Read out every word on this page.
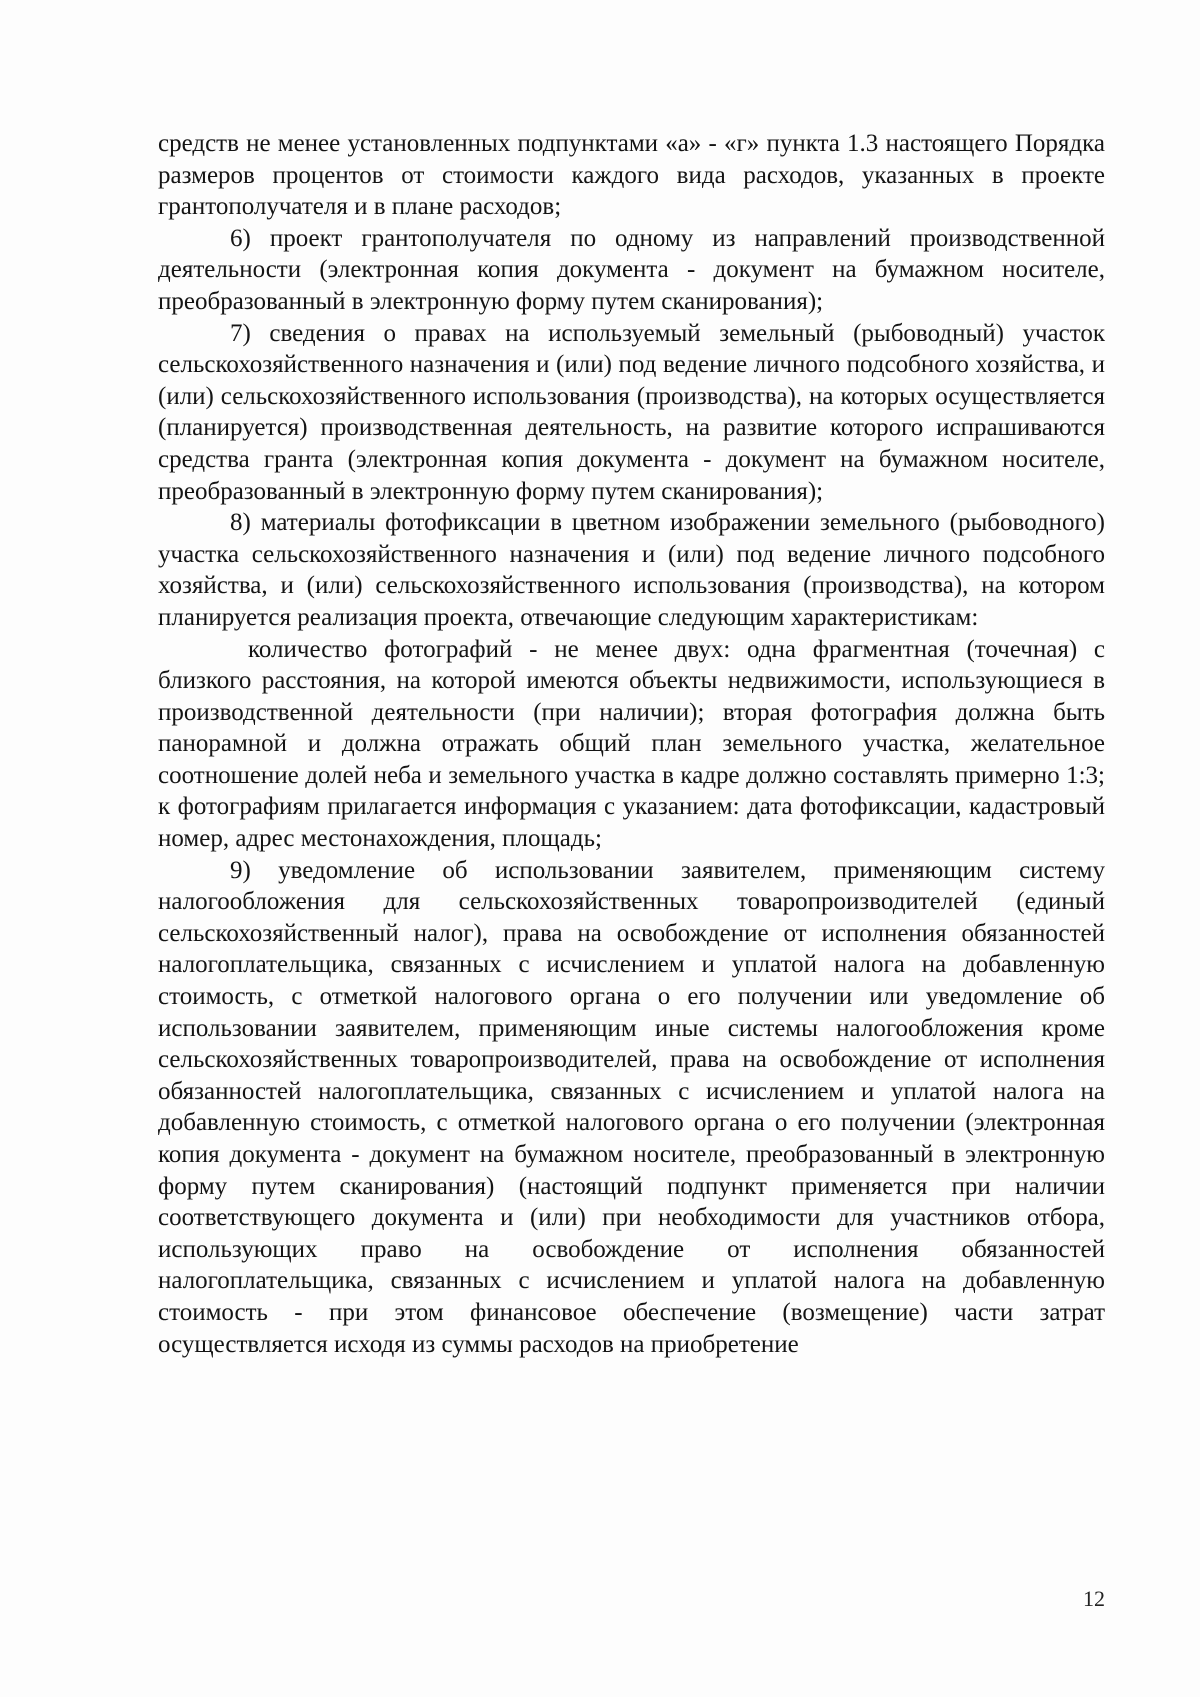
средств не менее установленных подпунктами «а» - «г» пункта 1.3 настоящего Порядка размеров процентов от стоимости каждого вида расходов, указанных в проекте грантополучателя и в плане расходов;

6) проект грантополучателя по одному из направлений производственной деятельности (электронная копия документа - документ на бумажном носителе, преобразованный в электронную форму путем сканирования);

7) сведения о правах на используемый земельный (рыбоводный) участок сельскохозяйственного назначения и (или) под ведение личного подсобного хозяйства, и (или) сельскохозяйственного использования (производства), на которых осуществляется (планируется) производственная деятельность, на развитие которого испрашиваются средства гранта (электронная копия документа - документ на бумажном носителе, преобразованный в электронную форму путем сканирования);

8) материалы фотофиксации в цветном изображении земельного (рыбоводного) участка сельскохозяйственного назначения и (или) под ведение личного подсобного хозяйства, и (или) сельскохозяйственного использования (производства), на котором планируется реализация проекта, отвечающие следующим характеристикам:

количество фотографий - не менее двух: одна фрагментная (точечная) с близкого расстояния, на которой имеются объекты недвижимости, использующиеся в производственной деятельности (при наличии); вторая фотография должна быть панорамной и должна отражать общий план земельного участка, желательное соотношение долей неба и земельного участка в кадре должно составлять примерно 1:3; к фотографиям прилагается информация с указанием: дата фотофиксации, кадастровый номер, адрес местонахождения, площадь;

9) уведомление об использовании заявителем, применяющим систему налогообложения для сельскохозяйственных товаропроизводителей (единый сельскохозяйственный налог), права на освобождение от исполнения обязанностей налогоплательщика, связанных с исчислением и уплатой налога на добавленную стоимость, с отметкой налогового органа о его получении или уведомление об использовании заявителем, применяющим иные системы налогообложения кроме сельскохозяйственных товаропроизводителей, права на освобождение от исполнения обязанностей налогоплательщика, связанных с исчислением и уплатой налога на добавленную стоимость, с отметкой налогового органа о его получении (электронная копия документа - документ на бумажном носителе, преобразованный в электронную форму путем сканирования) (настоящий подпункт применяется при наличии соответствующего документа и (или) при необходимости для участников отбора, использующих право на освобождение от исполнения обязанностей налогоплательщика, связанных с исчислением и уплатой налога на добавленную стоимость - при этом финансовое обеспечение (возмещение) части затрат осуществляется исходя из суммы расходов на приобретение

12
